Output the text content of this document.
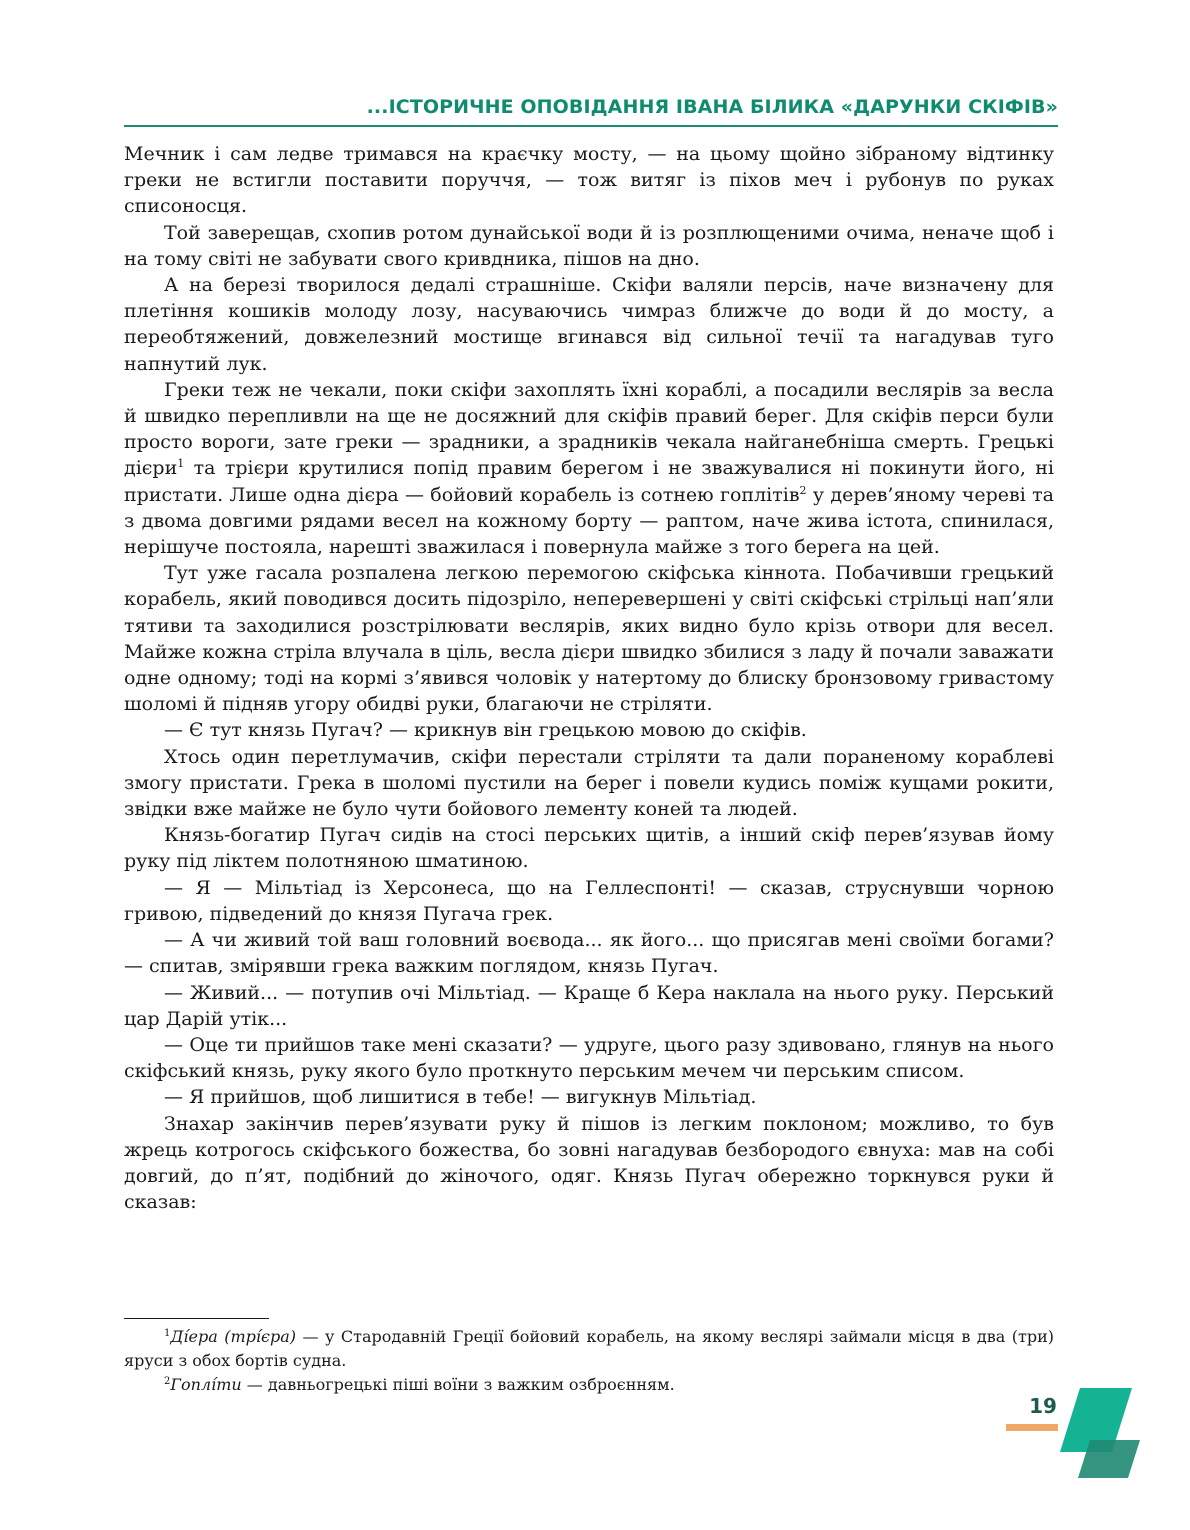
...ІСТОРИЧНЕ ОПОВІДАННЯ ІВАНА БІЛИКА «ДАРУНКИ СКІФІВ»

Мечник і сам ледве тримався на краєчку мосту, — на цьому щойно зібраному відтинку греки не встигли поставити поруччя, — тож витяг із піхов меч і рубонув по руках списоносця.

Той заверещав, схопив ротом дунайської води й із розплющеними очима, неначе щоб і на тому світі не забувати свого кривдника, пішов на дно.

А на березі творилося дедалі страшніше. Скіфи валяли персів, наче визначену для плетіння кошиків молоду лозу, насуваючись чимраз ближче до води й до мосту, а переобтяжений, довжелезний мостище вгинався від сильної течії та нагадував туго напнутий лук.

Греки теж не чекали, поки скіфи захоплять їхні кораблі, а посадили веслярів за весла й швидко перепливли на ще не досяжний для скіфів правий берег. Для скіфів перси були просто вороги, зате греки — зрадники, а зрадників чекала найганебніша смерть. Грецькі дієри$^1$ та трієри крутилися попід правим берегом і не зважувалися ні покинути його, ні пристати. Лише одна дієра — бойовий корабель із сотнею гоплітів$^2$ у дерев’яному череві та з двома довгими рядами весел на кожному борту — раптом, наче жива істота, спинилася, нерішуче постояла, нарешті зважилася і повернула майже з того берега на цей.

Тут уже гасала розпалена легкою перемогою скіфська кіннота. Побачивши грецький корабель, який поводився досить підозріло, неперевершені у світі скіфські стрільці нап’яли тятиви та заходилися розстрілювати веслярів, яких видно було крізь отвори для весел. Майже кожна стріла влучала в ціль, весла дієри швидко збилися з ладу й почали заважати одне одному; тоді на кормі з’явився чоловік у натертому до блиску бронзовому гривастому шоломі й підняв угору обидві руки, благаючи не стріляти.

— Є тут князь Пугач? — крикнув він грецькою мовою до скіфів.

Хтось один перетлумачив, скіфи перестали стріляти та дали пораненому кораблеві змогу пристати. Грека в шоломі пустили на берег і повели кудись поміж кущами рокити, звідки вже майже не було чути бойового лементу коней та людей.

Князь-богатир Пугач сидів на стосі перських щитів, а інший скіф перев’язував йому руку під ліктем полотняною шматиною.

— Я — Мільтіад із Херсонеса, що на Геллеспонті! — сказав, струснувши чорною гривою, підведений до князя Пугача грек.

— А чи живий той ваш головний воєвода... як його... що присягав мені своїми богами? — спитав, змірявши грека важким поглядом, князь Пугач.

— Живий... — потупив очі Мільтіад. — Краще б Кера наклала на нього руку. Перський цар Дарій утік...

— Оце ти прийшов таке мені сказати? — удруге, цього разу здивовано, глянув на нього скіфський князь, руку якого було проткнуто перським мечем чи перським списом.

— Я прийшов, щоб лишитися в тебе! — вигукнув Мільтіад.

Знахар закінчив перев’язувати руку й пішов із легким поклоном; можливо, то був жрець котрогось скіфського божества, бо зовні нагадував безбородого євнуха: мав на собі довгий, до п’ят, подібний до жіночого, одяг. Князь Пугач обережно торкнувся руки й сказав:

$^1$Ді́ера (трі́єра) — у Стародавній Греції бойовий корабель, на якому веслярі займали місця в два (три) яруси з обох бортів судна.

$^2$Гоплі́ти — давньогрецькі піші воїни з важким озброєнням.

19
